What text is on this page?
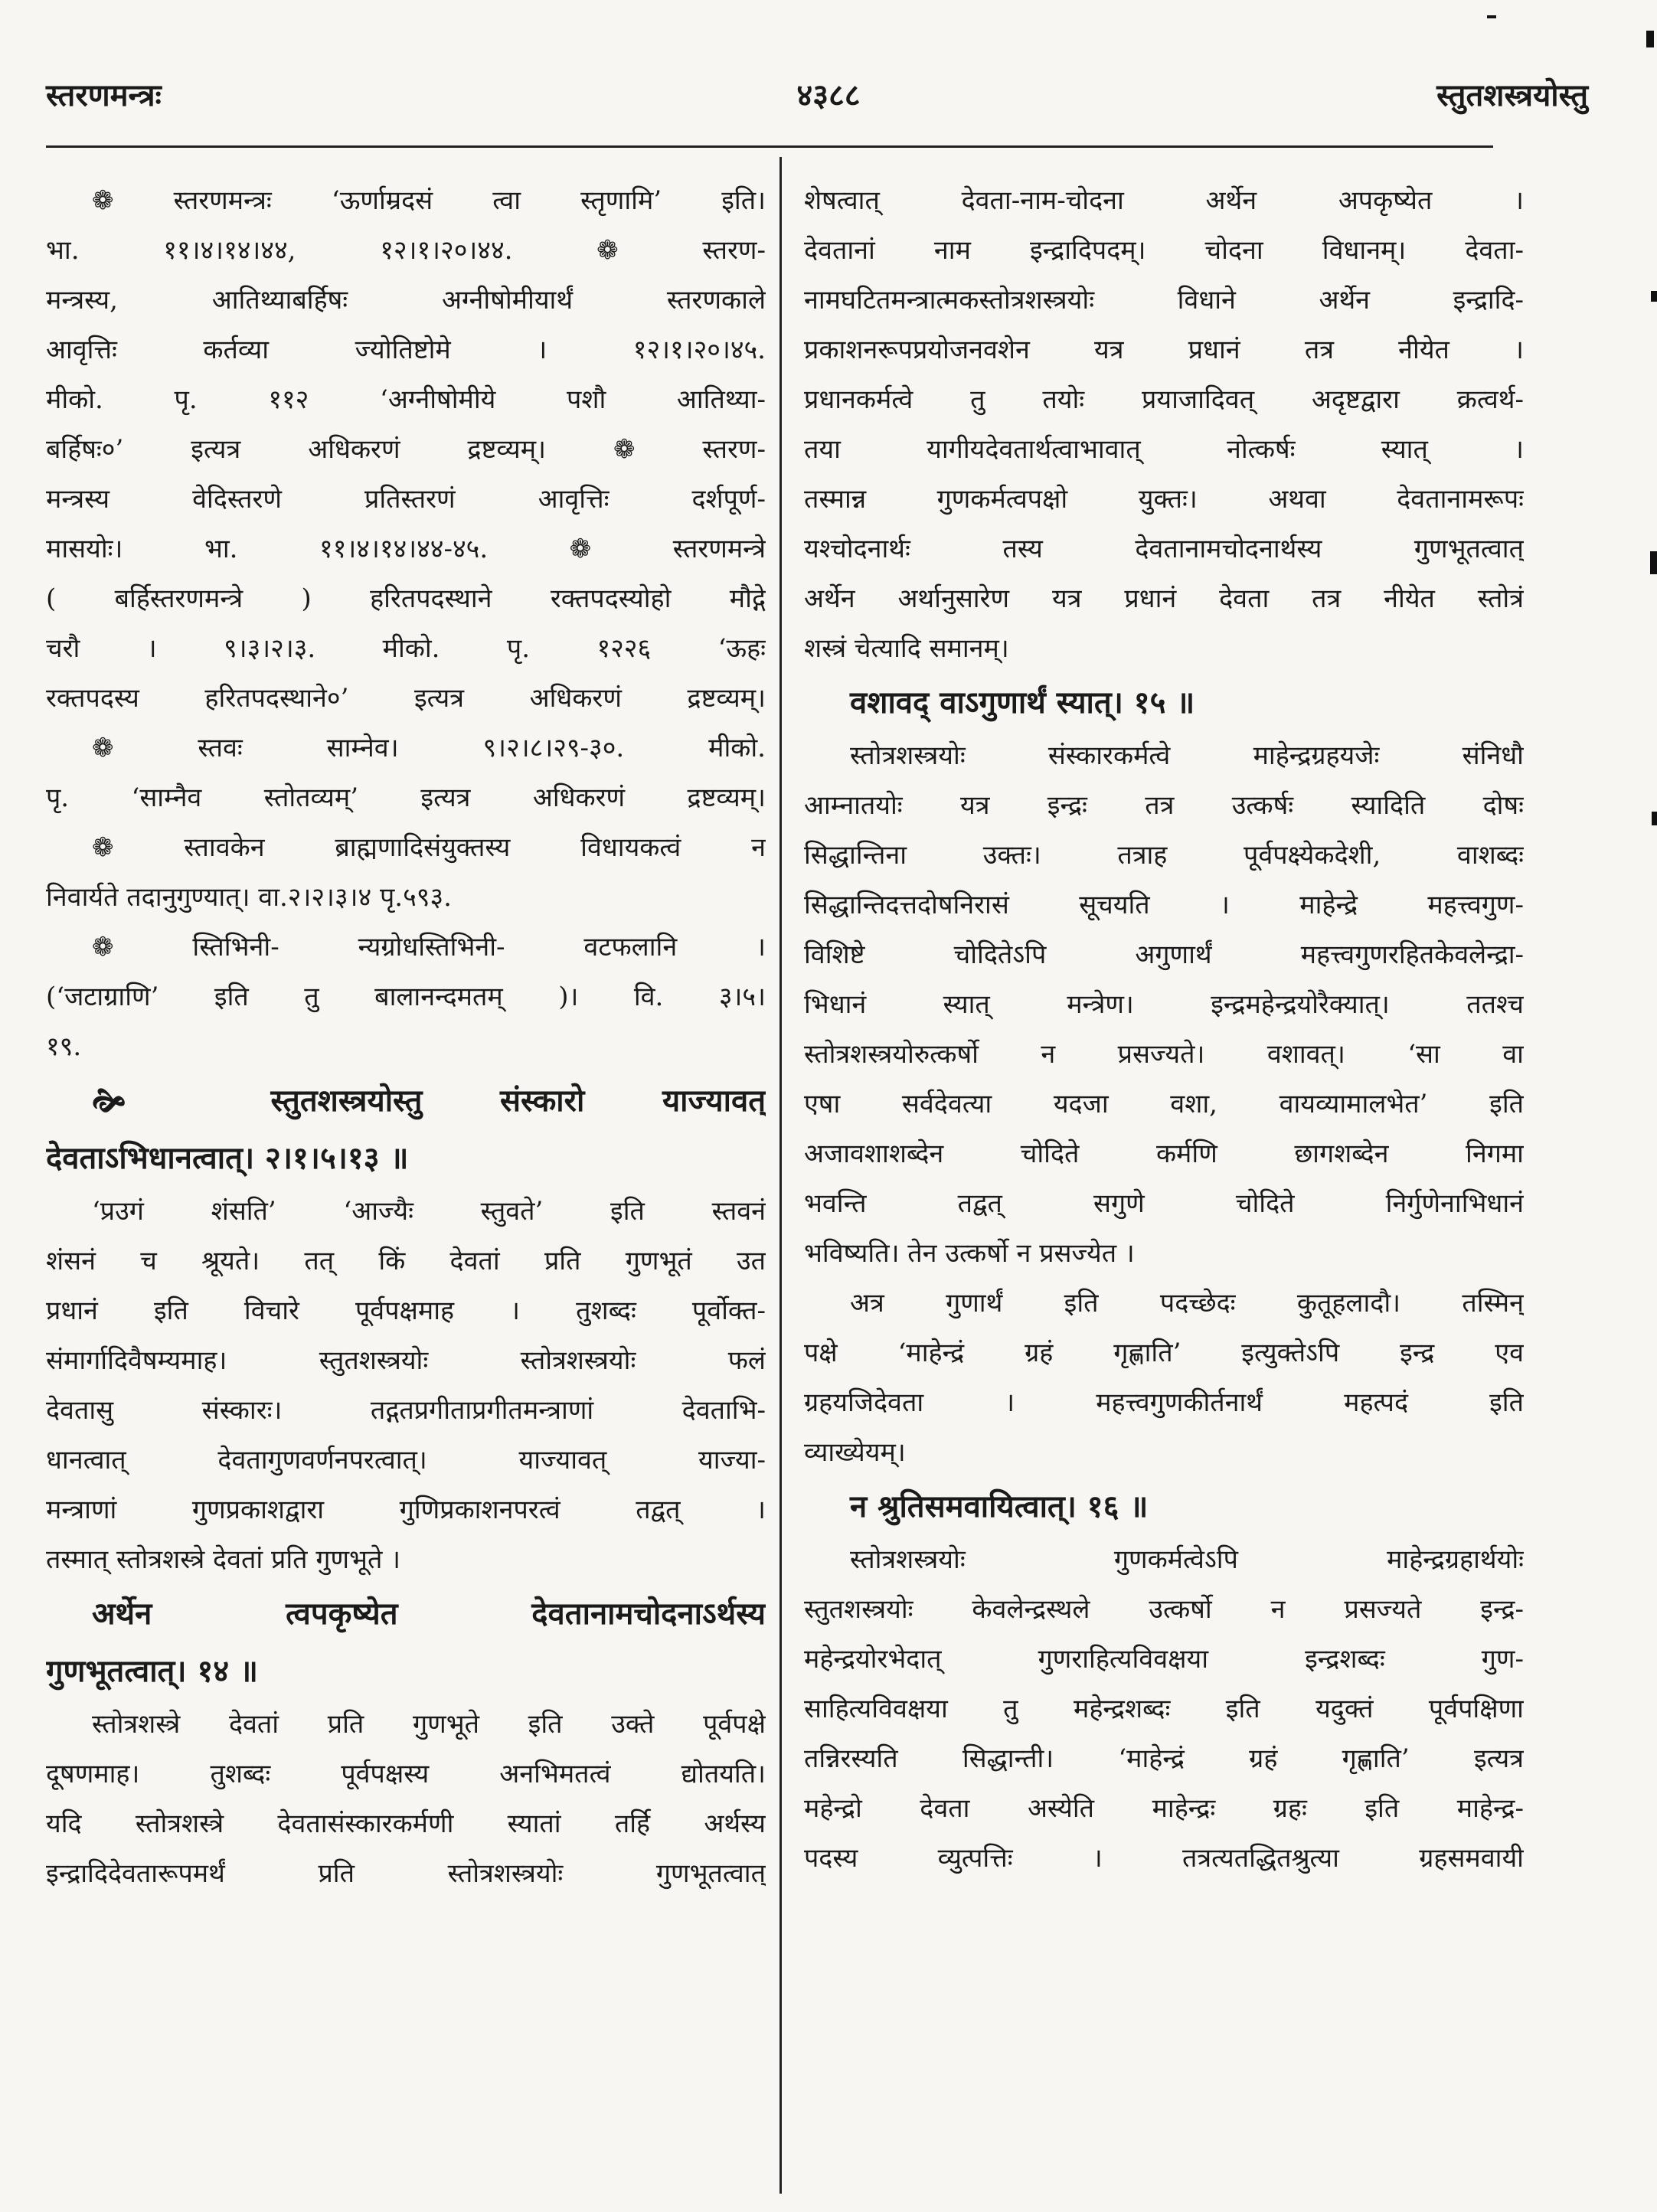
स्तरणमन्त्रः	४३८८	स्तुतशस्त्रयोस्तु
❁ स्तरणमन्त्रः ‘ऊर्णाम्रदसं त्वा स्तृणामि’ इति।
भा. ११।४।१४।४४, १२।१।२०।४४. ❁ स्तरण-
मन्त्रस्य, आतिथ्याबर्हिषः अग्नीषोमीयार्थं स्तरणकाले
आवृत्तिः कर्तव्या ज्योतिष्टोमे । १२।१।२०।४५.
मीको. पृ. ११२ ‘अग्नीषोमीये पशौ आतिथ्या-
बर्हिषः०’ इत्यत्र अधिकरणं द्रष्टव्यम्। ❁ स्तरण-
मन्त्रस्य वेदिस्तरणे प्रतिस्तरणं आवृत्तिः दर्शपूर्ण-
मासयोः। भा. ११।४।१४।४४-४५. ❁ स्तरणमन्त्रे
( बर्हिस्तरणमन्त्रे ) हरितपदस्थाने रक्तपदस्योहो मौद्गे
चरौ । ९।३।२।३. मीको. पृ. १२२६ ‘ऊहः
रक्तपदस्य हरितपदस्थाने०’ इत्यत्र अधिकरणं द्रष्टव्यम्।
❁ स्तवः साम्नेव। ९।२।८।२९-३०. मीको.
पृ. ‘साम्नैव स्तोतव्यम्’ इत्यत्र अधिकरणं द्रष्टव्यम्।
❁ स्तावकेन ब्राह्मणादिसंयुक्तस्य विधायकत्वं न
निवार्यते तदानुगुण्यात्। वा.२।२।३।४ पृ.५९३.
❁ स्तिभिनी- न्यग्रोधस्तिभिनी- वटफलानि ।
(‘जटाग्राणि’ इति तु बालानन्दमतम् )। वि. ३।५।
१९.
🙞 स्तुतशस्त्रयोस्तु संस्कारो याज्यावत्
देवताऽभिधानत्वात्। २।१।५।१३ ॥
‘प्रउगं शंसति’ ‘आज्यैः स्तुवते’ इति स्तवनं
शंसनं च श्रूयते। तत् किं देवतां प्रति गुणभूतं उत
प्रधानं इति विचारे पूर्वपक्षमाह । तुशब्दः पूर्वोक्त-
संमार्गादिवैषम्यमाह। स्तुतशस्त्रयोः स्तोत्रशस्त्रयोः फलं
देवतासु संस्कारः। तद्गतप्रगीताप्रगीतमन्त्राणां देवताभि-
धानत्वात् देवतागुणवर्णनपरत्वात्। याज्यावत् याज्या-
मन्त्राणां गुणप्रकाशद्वारा गुणिप्रकाशनपरत्वं तद्वत् ।
तस्मात् स्तोत्रशस्त्रे देवतां प्रति गुणभूते ।
अर्थेन त्वपकृष्येत देवतानामचोदनाऽर्थस्य
गुणभूतत्वात्। १४ ॥
स्तोत्रशस्त्रे देवतां प्रति गुणभूते इति उक्ते पूर्वपक्षे
दूषणमाह। तुशब्दः पूर्वपक्षस्य अनभिमतत्वं द्योतयति।
यदि स्तोत्रशस्त्रे देवतासंस्कारकर्मणी स्यातां तर्हि अर्थस्य
इन्द्रादिदेवतारूपमर्थं प्रति स्तोत्रशस्त्रयोः गुणभूतत्वात्
शेषत्वात् देवता-नाम-चोदना अर्थेन अपकृष्येत ।
देवतानां नाम इन्द्रादिपदम्। चोदना विधानम्। देवता-
नामघटितमन्त्रात्मकस्तोत्रशस्त्रयोः विधाने अर्थेन इन्द्रादि-
प्रकाशनरूपप्रयोजनवशेन यत्र प्रधानं तत्र नीयेत ।
प्रधानकर्मत्वे तु तयोः प्रयाजादिवत् अदृष्टद्वारा क्रत्वर्थ-
तया यागीयदेवतार्थत्वाभावात् नोत्कर्षः स्यात् ।
तस्मान्न गुणकर्मत्वपक्षो युक्तः। अथवा देवतानामरूपः
यश्चोदनार्थः तस्य देवतानामचोदनार्थस्य गुणभूतत्वात्
अर्थेन अर्थानुसारेण यत्र प्रधानं देवता तत्र नीयेत स्तोत्रं
शस्त्रं चेत्यादि समानम्।
वशावद् वाऽगुणार्थं स्यात्। १५ ॥
स्तोत्रशस्त्रयोः संस्कारकर्मत्वे माहेन्द्रग्रहयजेः संनिधौ
आम्नातयोः यत्र इन्द्रः तत्र उत्कर्षः स्यादिति दोषः
सिद्धान्तिना उक्तः। तत्राह पूर्वपक्ष्येकदेशी, वाशब्दः
सिद्धान्तिदत्तदोषनिरासं सूचयति । माहेन्द्रे महत्त्वगुण-
विशिष्टे चोदितेऽपि अगुणार्थं महत्त्वगुणरहितकेवलेन्द्रा-
भिधानं स्यात् मन्त्रेण। इन्द्रमहेन्द्रयोरैक्यात्। ततश्च
स्तोत्रशस्त्रयोरुत्कर्षो न प्रसज्यते। वशावत्। ‘सा वा
एषा सर्वदेवत्या यदजा वशा, वायव्यामालभेत’ इति
अजावशाशब्देन चोदिते कर्मणि छागशब्देन निगमा
भवन्ति तद्वत् सगुणे चोदिते निर्गुणेनाभिधानं
भविष्यति। तेन उत्कर्षो न प्रसज्येत ।
अत्र गुणार्थं इति पदच्छेदः कुतूहलादौ। तस्मिन्
पक्षे ‘माहेन्द्रं ग्रहं गृह्णाति’ इत्युक्तेऽपि इन्द्र एव
ग्रहयजिदेवता । महत्त्वगुणकीर्तनार्थं महत्पदं इति
व्याख्येयम्।
न श्रुतिसमवायित्वात्। १६ ॥
स्तोत्रशस्त्रयोः गुणकर्मत्वेऽपि माहेन्द्रग्रहार्थयोः
स्तुतशस्त्रयोः केवलेन्द्रस्थले उत्कर्षो न प्रसज्यते इन्द्र-
महेन्द्रयोरभेदात् गुणराहित्यविवक्षया इन्द्रशब्दः गुण-
साहित्यविवक्षया तु महेन्द्रशब्दः इति यदुक्तं पूर्वपक्षिणा
तन्निरस्यति सिद्धान्ती। ‘माहेन्द्रं ग्रहं गृह्णाति’ इत्यत्र
महेन्द्रो देवता अस्येति माहेन्द्रः ग्रहः इति माहेन्द्र-
पदस्य व्युत्पत्तिः । तत्रत्यतद्धितश्रुत्या ग्रहसमवायी
